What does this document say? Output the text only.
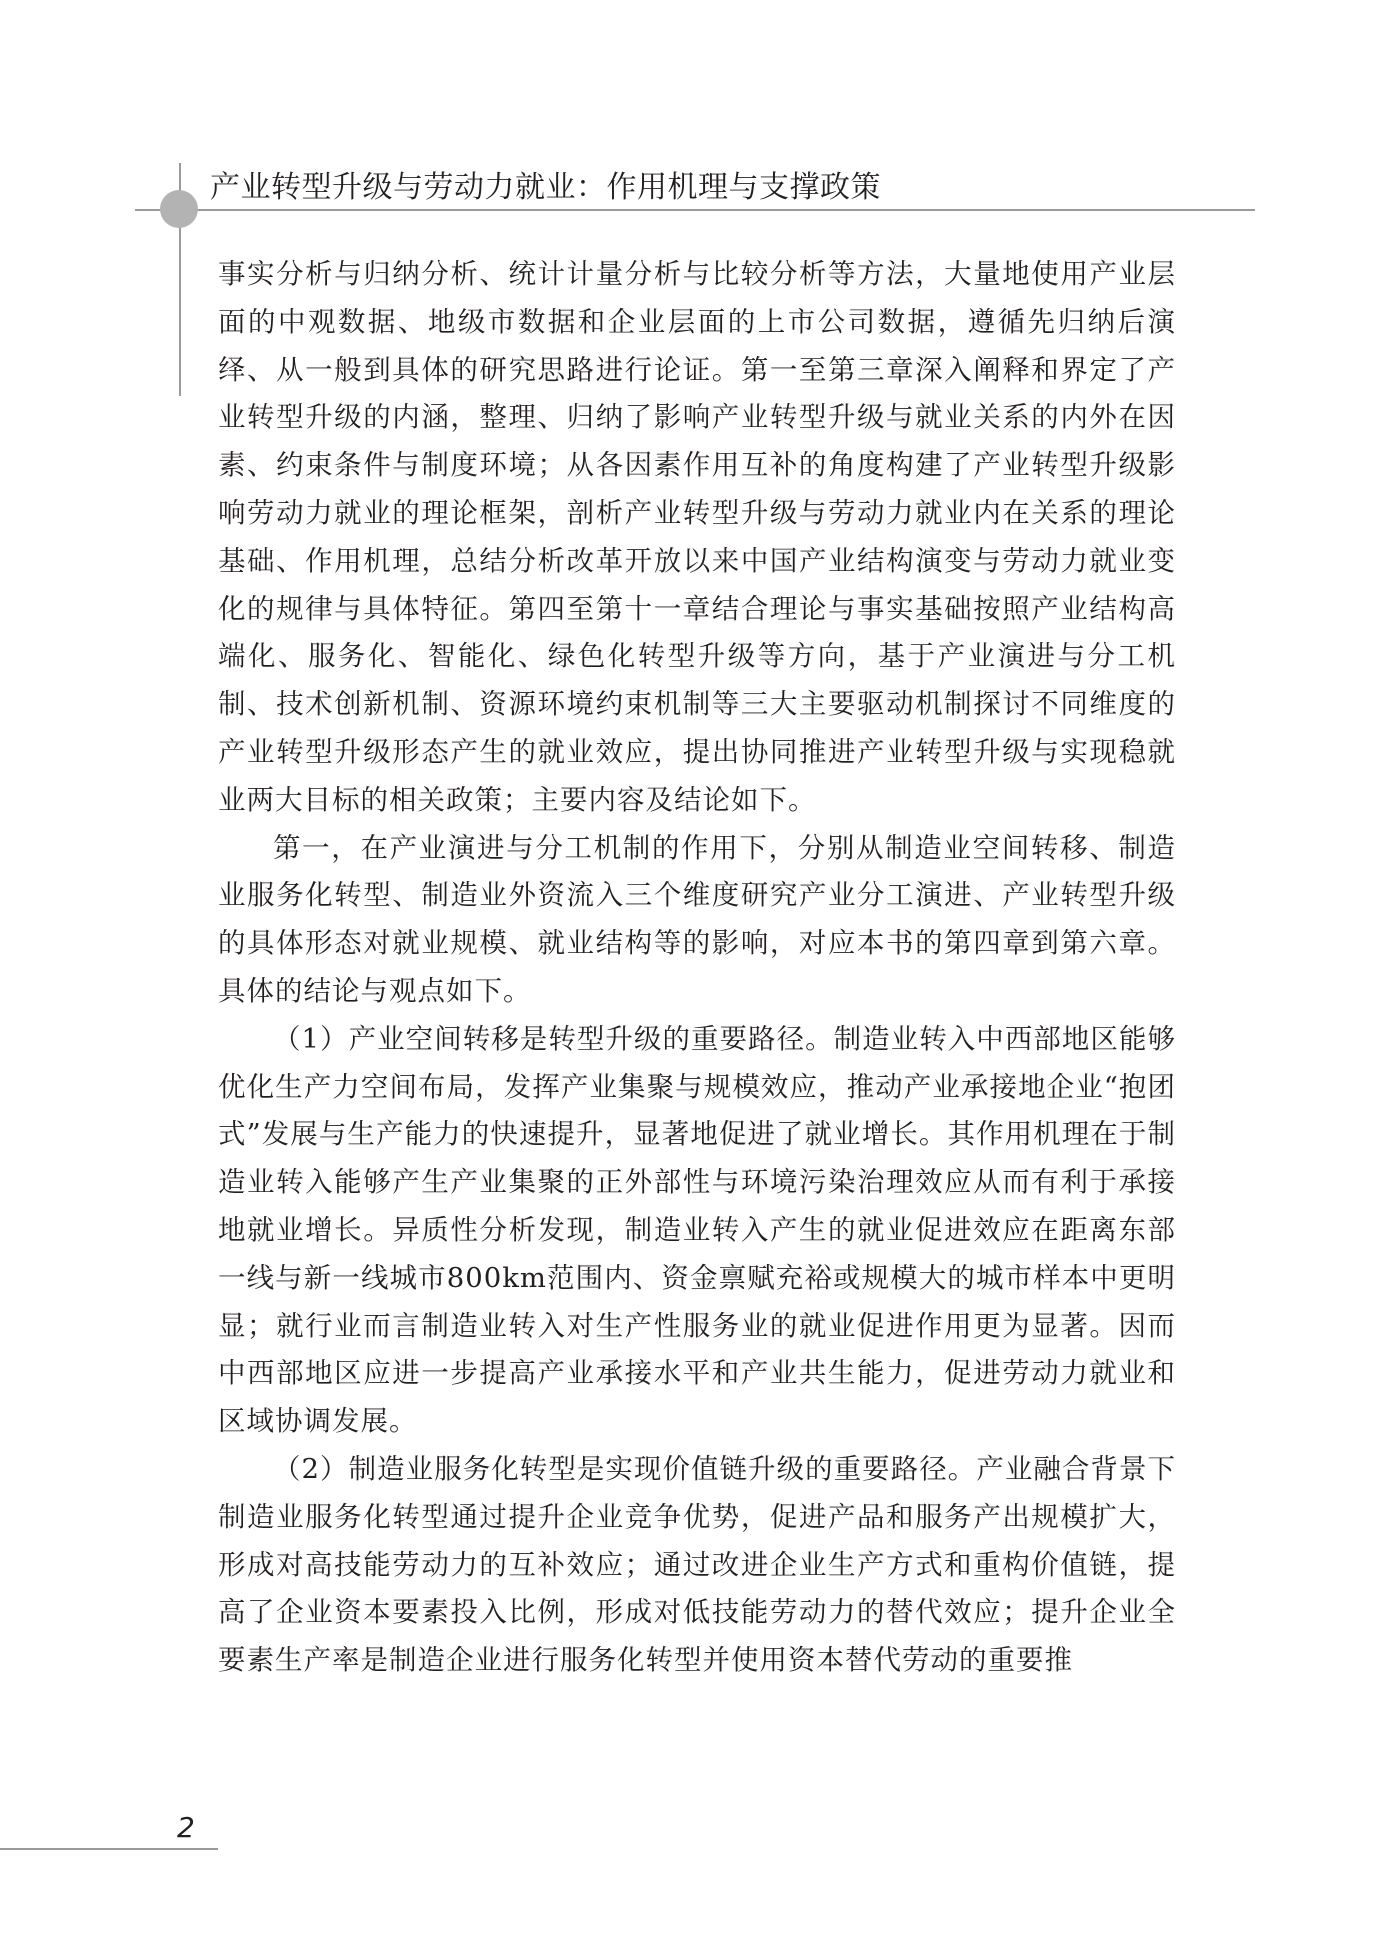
产业转型升级与劳动力就业：作用机理与支撑政策

事实分析与归纳分析、统计计量分析与比较分析等方法，大量地使用产业层面的中观数据、地级市数据和企业层面的上市公司数据，遵循先归纳后演绎、从一般到具体的研究思路进行论证。第一至第三章深入阐释和界定了产业转型升级的内涵，整理、归纳了影响产业转型升级与就业关系的内外在因素、约束条件与制度环境；从各因素作用互补的角度构建了产业转型升级影响劳动力就业的理论框架，剖析产业转型升级与劳动力就业内在关系的理论基础、作用机理，总结分析改革开放以来中国产业结构演变与劳动力就业变化的规律与具体特征。第四至第十一章结合理论与事实基础按照产业结构高端化、服务化、智能化、绿色化转型升级等方向，基于产业演进与分工机制、技术创新机制、资源环境约束机制等三大主要驱动机制探讨不同维度的产业转型升级形态产生的就业效应，提出协同推进产业转型升级与实现稳就业两大目标的相关政策；主要内容及结论如下。

第一，在产业演进与分工机制的作用下，分别从制造业空间转移、制造业服务化转型、制造业外资流入三个维度研究产业分工演进、产业转型升级的具体形态对就业规模、就业结构等的影响，对应本书的第四章到第六章。具体的结论与观点如下。

（1）产业空间转移是转型升级的重要路径。制造业转入中西部地区能够优化生产力空间布局，发挥产业集聚与规模效应，推动产业承接地企业“抱团式”发展与生产能力的快速提升，显著地促进了就业增长。其作用机理在于制造业转入能够产生产业集聚的正外部性与环境污染治理效应从而有利于承接地就业增长。异质性分析发现，制造业转入产生的就业促进效应在距离东部一线与新一线城市800km范围内、资金禀赋充裕或规模大的城市样本中更明显；就行业而言制造业转入对生产性服务业的就业促进作用更为显著。因而中西部地区应进一步提高产业承接水平和产业共生能力，促进劳动力就业和区域协调发展。

（2）制造业服务化转型是实现价值链升级的重要路径。产业融合背景下制造业服务化转型通过提升企业竞争优势，促进产品和服务产出规模扩大，形成对高技能劳动力的互补效应；通过改进企业生产方式和重构价值链，提高了企业资本要素投入比例，形成对低技能劳动力的替代效应；提升企业全要素生产率是制造企业进行服务化转型并使用资本替代劳动的重要推

2
